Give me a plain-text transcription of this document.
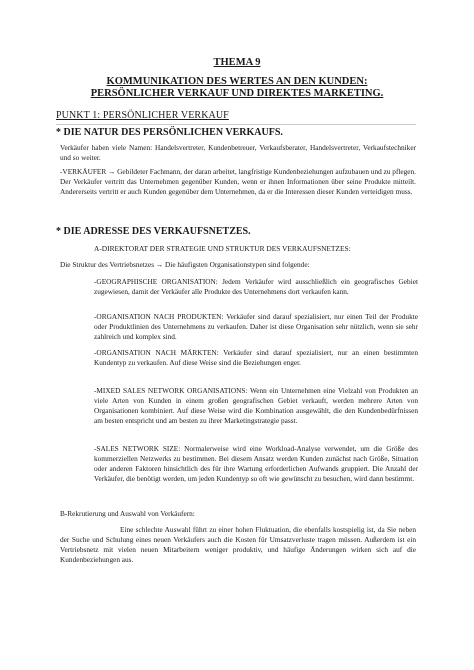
THEMA 9
KOMMUNIKATION DES WERTES AN DEN KUNDEN: PERSÖNLICHER VERKAUF UND DIREKTES MARKETING.
PUNKT 1: PERSÖNLICHER VERKAUF
* DIE NATUR DES PERSÖNLICHEN VERKAUFS.
Verkäufer haben viele Namen: Handelsvertreter, Kundenbetreuer, Verkaufsberater, Handelsvertreter, Verkaufstechniker und so weiter.
-VERKÄUFER → Gebildeter Fachmann, der daran arbeitet, langfristige Kundenbeziehungen aufzubauen und zu pflegen. Der Verkäufer vertritt das Unternehmen gegenüber Kunden, wenn er ihnen Informationen über seine Produkte mitteilt. Andererseits vertritt er auch Kunden gegenüber dem Unternehmen, da er die Interessen dieser Kunden verteidigen muss.
* DIE ADRESSE DES VERKAUFSNETZES.
A-DIREKTORAT DER STRATEGIE UND STRUKTUR DES VERKAUFSNETZES:
Die Struktur des Vertriebsnetzes → Die häufigsten Organisationstypen sind folgende:
-GEOGRAPHISCHE ORGANISATION: Jedem Verkäufer wird ausschließlich ein geografisches Gebiet zugewiesen, damit der Verkäufer alle Produkte des Unternehmens dort verkaufen kann.
-ORGANISATION NACH PRODUKTEN: Verkäufer sind darauf spezialisiert, nur einen Teil der Produkte oder Produktlinien des Unternehmens zu verkaufen. Daher ist diese Organisation sehr nützlich, wenn sie sehr zahlreich und komplex sind.
-ORGANISATION NACH MÄRKTEN: Verkäufer sind darauf spezialisiert, nur an einen bestimmten Kundentyp zu verkaufen. Auf diese Weise sind die Beziehungen enger.
-MIXED SALES NETWORK ORGANISATIONS: Wenn ein Unternehmen eine Vielzahl von Produkten an viele Arten von Kunden in einem großen geografischen Gebiet verkauft, werden mehrere Arten von Organisationen kombiniert. Auf diese Weise wird die Kombination ausgewählt, die den Kundenbedürfnissen am besten entspricht und am besten zu ihrer Marketingstrategie passt.
-SALES NETWORK SIZE: Normalerweise wird eine Workload-Analyse verwendet, um die Größe des kommerziellen Netzwerks zu bestimmen. Bei diesem Ansatz werden Kunden zunächst nach Größe, Situation oder anderen Faktoren hinsichtlich des für ihre Wartung erforderlichen Aufwands gruppiert. Die Anzahl der Verkäufer, die benötigt werden, um jeden Kundentyp so oft wie gewünscht zu besuchen, wird dann bestimmt.
B-Rekrutierung und Auswahl von Verkäufern:
Eine schlechte Auswahl führt zu einer hohen Fluktuation, die ebenfalls kostspielig ist, da Sie neben der Suche und Schulung eines neuen Verkäufers auch die Kosten für Umsatzverluste tragen müssen. Außerdem ist ein Vertriebsnetz mit vielen neuen Mitarbeitern weniger produktiv, und häufige Änderungen wirken sich auf die Kundenbeziehungen aus.
